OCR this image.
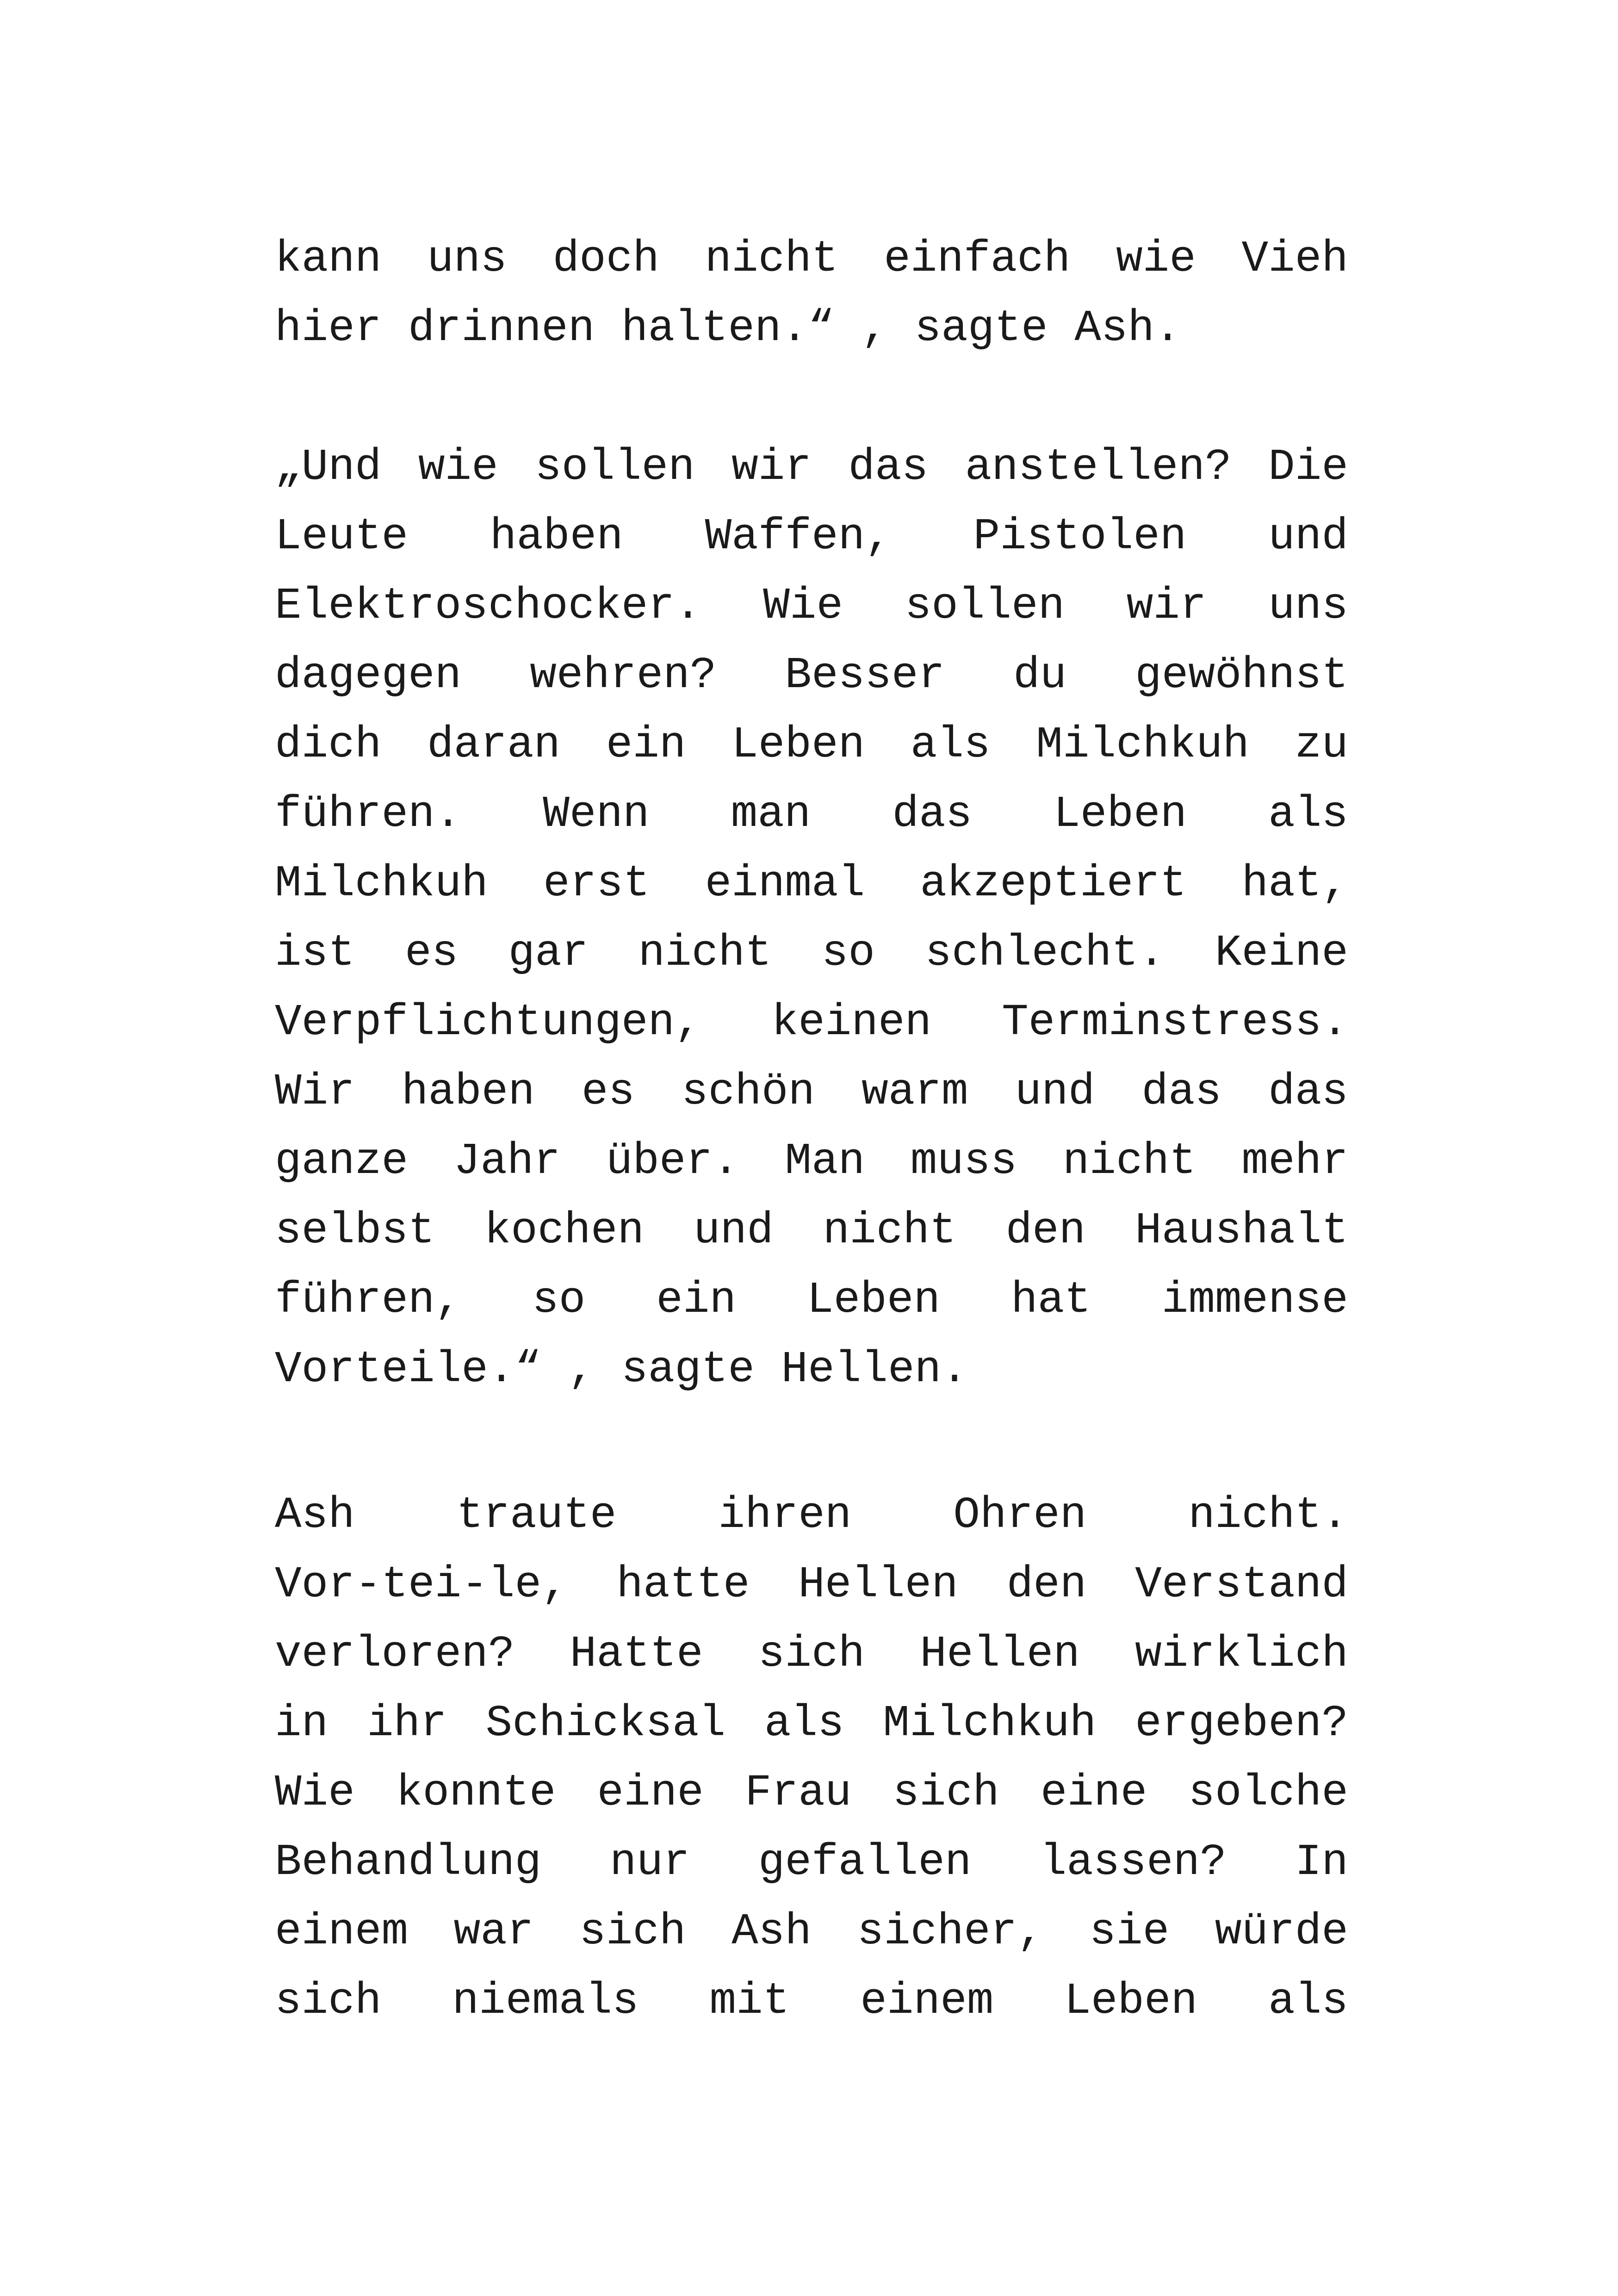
kann uns doch nicht einfach wie Vieh
hier drinnen halten.“ , sagte Ash.
„Und wie sollen wir das anstellen? Die
Leute haben Waffen, Pistolen und
Elektroschocker. Wie sollen wir uns
dagegen wehren? Besser du gewöhnst
dich daran ein Leben als Milchkuh zu
führen. Wenn man das Leben als
Milchkuh erst einmal akzeptiert hat,
ist es gar nicht so schlecht. Keine
Verpflichtungen, keinen Terminstress.
Wir haben es schön warm und das das
ganze Jahr über. Man muss nicht mehr
selbst kochen und nicht den Haushalt
führen, so ein Leben hat immense
Vorteile.“ , sagte Hellen.
Ash traute ihren Ohren nicht.
Vor-tei-le, hatte Hellen den Verstand
verloren? Hatte sich Hellen wirklich
in ihr Schicksal als Milchkuh ergeben?
Wie konnte eine Frau sich eine solche
Behandlung nur gefallen lassen? In
einem war sich Ash sicher, sie würde
sich niemals mit einem Leben als
